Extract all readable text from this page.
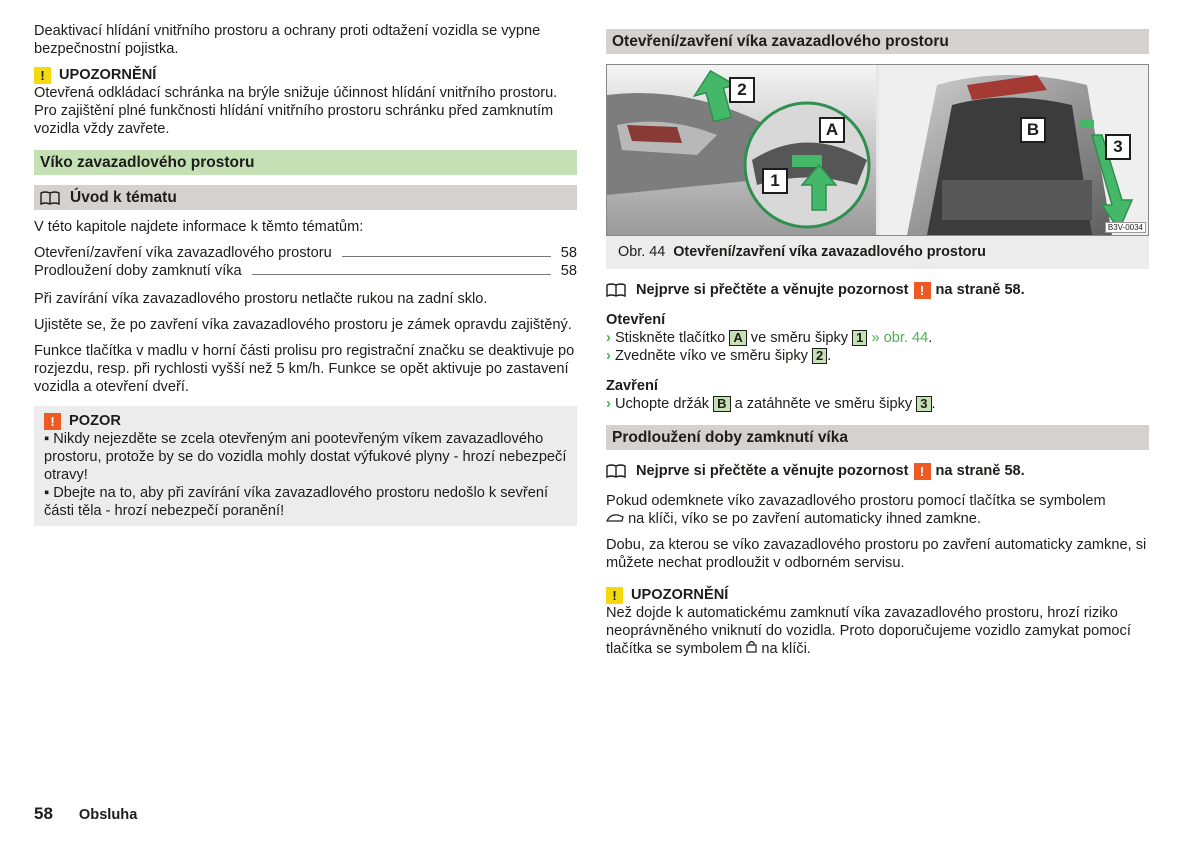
Deaktivací hlídání vnitřního prostoru a ochrany proti odtažení vozidla se vypne bezpečnostní pojistka.

! UPOZORNĚNÍ

Otevřená odkládací schránka na brýle snižuje účinnost hlídání vnitřního prostoru. Pro zajištění plné funkčnosti hlídání vnitřního prostoru schránku před zamknutím vozidla vždy zavřete.

Víko zavazadlového prostoru
Úvod k tématu

V této kapitole najdete informace k těmto tématům:

Otevření/zavření víka zavazadlového prostoru	58
Prodloužení doby zamknutí víka	58

Při zavírání víka zavazadlového prostoru netlačte rukou na zadní sklo.

Ujistěte se, že po zavření víka zavazadlového prostoru je zámek opravdu zajištěný.

Funkce tlačítka v madlu v horní části prolisu pro registrační značku se deaktivuje po rozjezdu, resp. při rychlosti vyšší než 5 km/h. Funkce se opět aktivuje po zastavení vozidla a otevření dveří.

! POZOR

▪ Nikdy nejezděte se zcela otevřeným ani pootevřeným víkem zavazadlového prostoru, protože by se do vozidla mohly dostat výfukové plyny - hrozí nebezpečí otravy!

▪ Dbejte na to, aby při zavírání víka zavazadlového prostoru nedošlo k sevření části těla - hrozí nebezpečí poranění!

Otevření/zavření víka zavazadlového prostoru
2
A
1
B
3
B3V-0034
Obr. 44 Otevření/zavření víka zavazadlového prostoru
Nejprve si přečtěte a věnujte pozornost ! na straně 58.

Otevření

› Stiskněte tlačítko A ve směru šipky 1 » obr. 44.

› Zvedněte víko ve směru šipky 2 .

Zavření

› Uchopte držák B a zatáhněte ve směru šipky 3 .

Prodloužení doby zamknutí víka
Nejprve si přečtěte a věnujte pozornost ! na straně 58.

Pokud odemknete víko zavazadlového prostoru pomocí tlačítka se symbolem
na klíči, víko se po zavření automaticky ihned zamkne.

Dobu, za kterou se víko zavazadlového prostoru po zavření automaticky zamkne, si můžete nechat prodloužit v odborném servisu.

! UPOZORNĚNÍ

Než dojde k automatickému zamknutí víka zavazadlového prostoru, hrozí riziko neoprávněného vniknutí do vozidla. Proto doporučujeme vozidlo zamykat pomocí tlačítka se symbolem na klíči.

58 Obsluha
